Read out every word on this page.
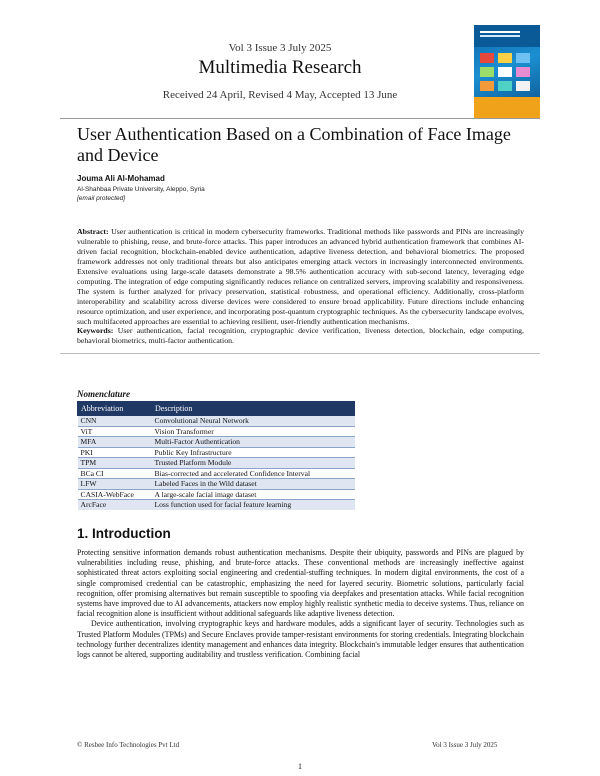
Vol 3 Issue 3 July 2025
Multimedia Research
Received 24 April, Revised 4 May, Accepted 13 June
User Authentication Based on a Combination of Face Image and Device
Jouma Ali Al-Mohamad
Al-Shahbaa Private University, Aleppo, Syria
[email protected]
Abstract: User authentication is critical in modern cybersecurity frameworks. Traditional methods like passwords and PINs are increasingly vulnerable to phishing, reuse, and brute-force attacks. This paper introduces an advanced hybrid authentication framework that combines AI-driven facial recognition, blockchain-enabled device authentication, adaptive liveness detection, and behavioral biometrics. The proposed framework addresses not only traditional threats but also anticipates emerging attack vectors in increasingly interconnected environments. Extensive evaluations using large-scale datasets demonstrate a 98.5% authentication accuracy with sub-second latency, leveraging edge computing. The integration of edge computing significantly reduces reliance on centralized servers, improving scalability and responsiveness. The system is further analyzed for privacy preservation, statistical robustness, and operational efficiency. Additionally, cross-platform interoperability and scalability across diverse devices were considered to ensure broad applicability. Future directions include enhancing resource optimization, and user experience, and incorporating post-quantum cryptographic techniques. As the cybersecurity landscape evolves, such multifaceted approaches are essential to achieving resilient, user-friendly authentication mechanisms.
Keywords: User authentication, facial recognition, cryptographic device verification, liveness detection, blockchain, edge computing, behavioral biometrics, multi-factor authentication.
Nomenclature
Abbreviation	Description
CNN	Convolutional Neural Network
ViT	Vision Transformer
MFA	Multi-Factor Authentication
PKI	Public Key Infrastructure
TPM	Trusted Platform Module
BCa CI	Bias-corrected and accelerated Confidence Interval
LFW	Labeled Faces in the Wild dataset
CASIA-WebFace	A large-scale facial image dataset
ArcFace	Loss function used for facial feature learning
1. Introduction

Protecting sensitive information demands robust authentication mechanisms. Despite their ubiquity, passwords and PINs are plagued by vulnerabilities including reuse, phishing, and brute-force attacks. These conventional methods are increasingly ineffective against sophisticated threat actors exploiting social engineering and credential-stuffing techniques. In modern digital environments, the cost of a single compromised credential can be catastrophic, emphasizing the need for layered security. Biometric solutions, particularly facial recognition, offer promising alternatives but remain susceptible to spoofing via deepfakes and presentation attacks. While facial recognition systems have improved due to AI advancements, attackers now employ highly realistic synthetic media to deceive systems. Thus, reliance on facial recognition alone is insufficient without additional safeguards like adaptive liveness detection.

Device authentication, involving cryptographic keys and hardware modules, adds a significant layer of security. Technologies such as Trusted Platform Modules (TPMs) and Secure Enclaves provide tamper-resistant environments for storing credentials. Integrating blockchain technology further decentralizes identity management and enhances data integrity. Blockchain's immutable ledger ensures that authentication logs cannot be altered, supporting auditability and trustless verification. Combining facial

© Resbee Info Technologies Pvt Ltd	Vol 3 Issue 3 July 2025
1
